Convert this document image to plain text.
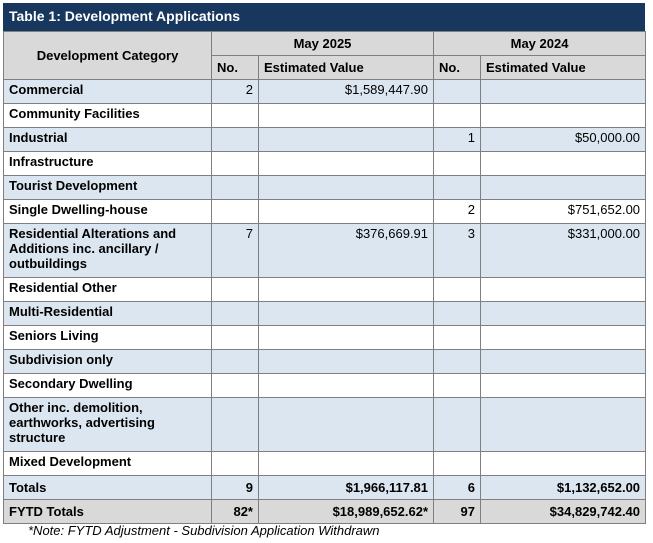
Table 1: Development Applications
Development Category	May 2025		May 2024	
	No.	Estimated Value	No.	Estimated Value
Commercial	2	$1,589,447.90		
Community Facilities				
Industrial			1	$50,000.00
Infrastructure				
Tourist Development				
Single Dwelling-house			2	$751,652.00
Residential Alterations and Additions inc. ancillary / outbuildings	7	$376,669.91	3	$331,000.00
Residential Other				
Multi-Residential				
Seniors Living				
Subdivision only				
Secondary Dwelling				
Other inc. demolition, earthworks, advertising structure				
Mixed Development				
Totals	9	$1,966,117.81	6	$1,132,652.00
FYTD Totals	82*	$18,989,652.62*	97	$34,829,742.40
*Note: FYTD Adjustment - Subdivision Application Withdrawn
